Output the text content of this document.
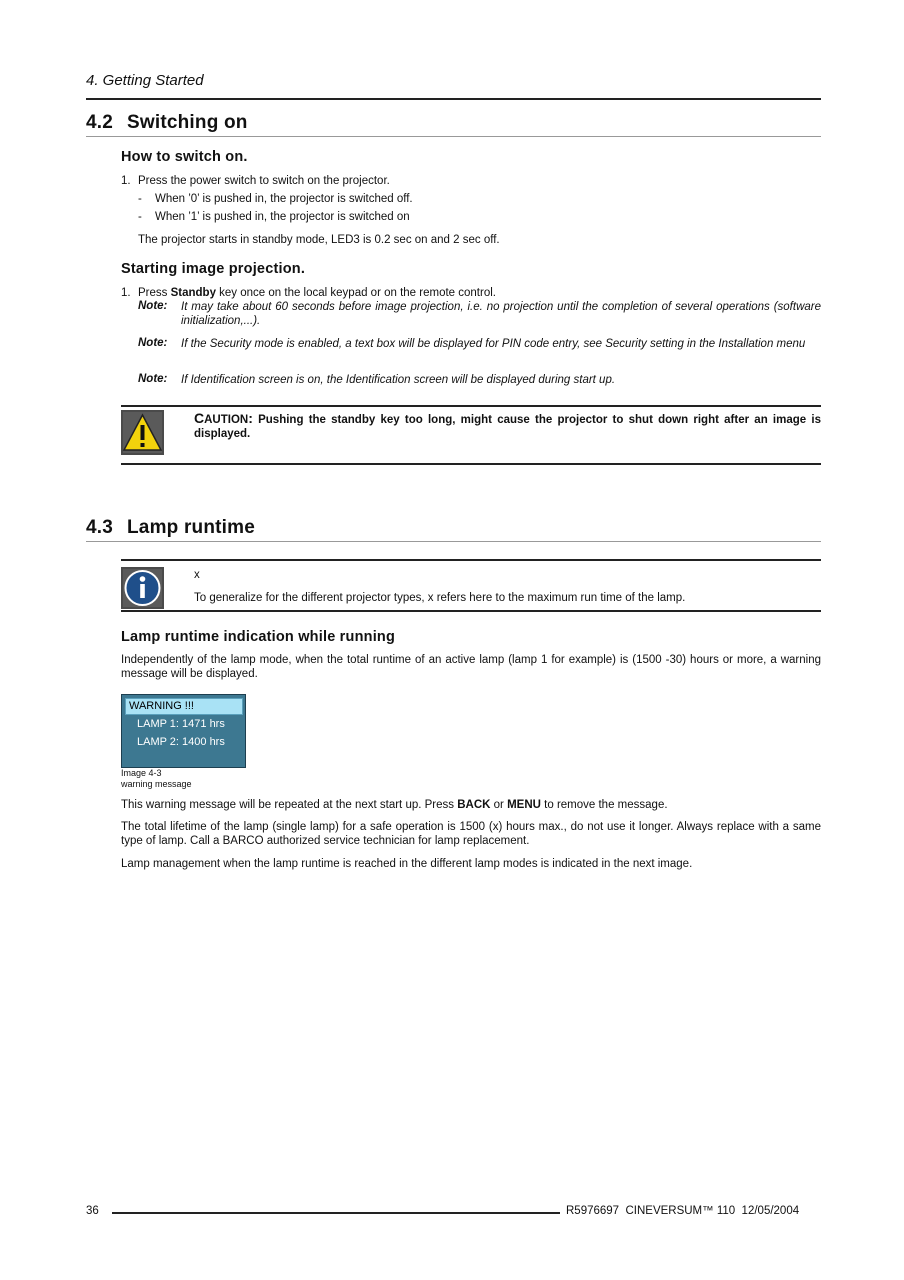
4. Getting Started
4.2 Switching on
How to switch on.
1. Press the power switch to switch on the projector.
- When ’0’ is pushed in, the projector is switched off.
- When ’1’ is pushed in, the projector is switched on
The projector starts in standby mode, LED3 is 0.2 sec on and 2 sec off.
Starting image projection.
1. Press Standby key once on the local keypad or on the remote control.
Note: It may take about 60 seconds before image projection, i.e. no projection until the completion of several operations (software initialization,...).
Note: If the Security mode is enabled, a text box will be displayed for PIN code entry, see Security setting in the Installation menu
Note: If Identification screen is on, the Identification screen will be displayed during start up.
CAUTION: Pushing the standby key too long, might cause the projector to shut down right after an image is displayed.
4.3 Lamp runtime
x
To generalize for the different projector types, x refers here to the maximum run time of the lamp.
Lamp runtime indication while running
Independently of the lamp mode, when the total runtime of an active lamp (lamp 1 for example) is (1500 -30) hours or more, a warning message will be displayed.
WARNING !!!
LAMP 1: 1471 hrs
LAMP 2: 1400 hrs
Image 4-3
warning message
This warning message will be repeated at the next start up. Press BACK or MENU to remove the message.
The total lifetime of the lamp (single lamp) for a safe operation is 1500 (x) hours max., do not use it longer. Always replace with a same type of lamp. Call a BARCO authorized service technician for lamp replacement.
Lamp management when the lamp runtime is reached in the different lamp modes is indicated in the next image.
36	R5976697  CINEVERSUM™ 110  12/05/2004
